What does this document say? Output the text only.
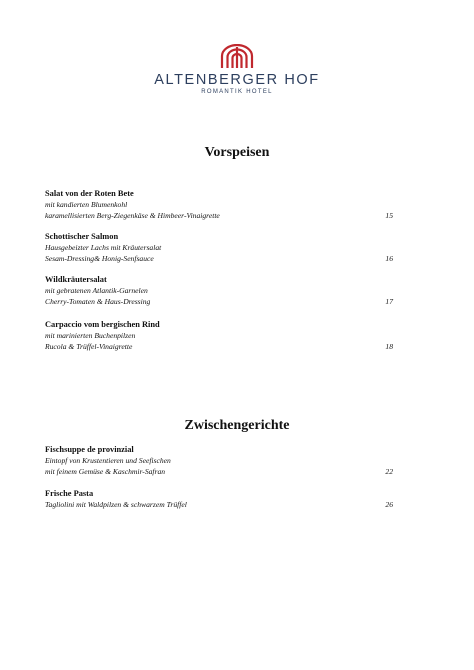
ALTENBERGER HOF
ROMANTIK HOTEL
Vorspeisen
Salat von der Roten Bete
mit kandierten Blumenkohl
karamellisierten Berg-Ziegenkäse & Himbeer-Vinaigrette	15
Schottischer Salmon
Hausgebeizter Lachs mit Kräutersalat
Sesam-Dressing& Honig-Senfsauce	16
Wildkräutersalat
mit gebratenen Atlantik-Garnelen
Cherry-Tomaten & Haus-Dressing	17
Carpaccio vom bergischen Rind
mit marinierten Buchenpilzen
Rucola & Trüffel-Vinaigrette	18
Zwischengerichte
Fischsuppe de provinzial
Eintopf von Krustentieren und Seefischen
mit feinem Gemüse & Kaschmir-Safran	22
Frische Pasta
Tagliolini mit Waldpilzen & schwarzem Trüffel	26
